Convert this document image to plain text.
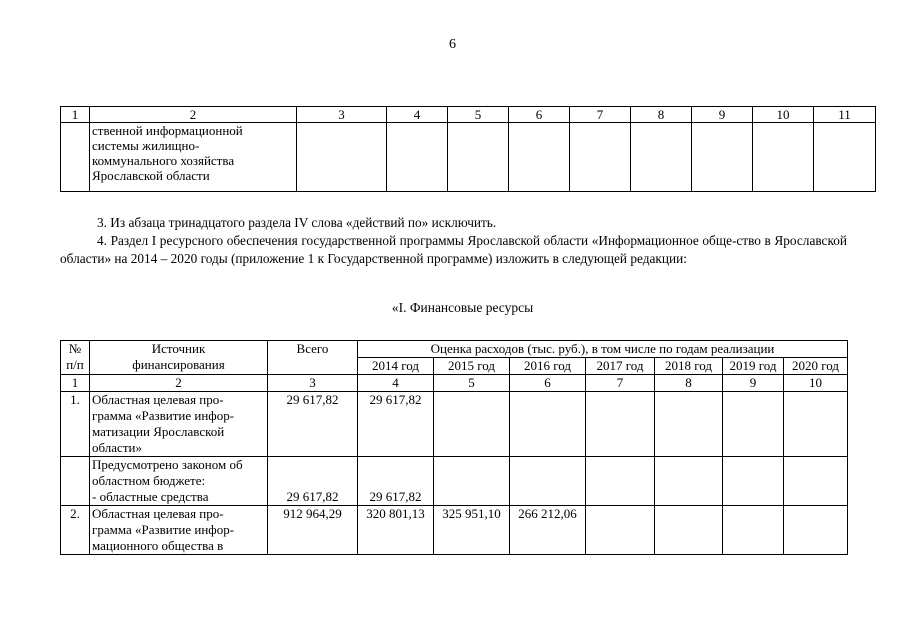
6
1	2	3	4	5	6	7	8	9	10	11
	ственной информационной
системы жилищно-
коммунального хозяйства
Ярославской области									
3. Из абзаца тринадцатого раздела IV слова «действий по» исключить.
4. Раздел I ресурсного обеспечения государственной программы Ярославской области «Информационное обще-ство в Ярославской области» на 2014 – 2020 годы (приложение 1 к Государственной программе) изложить в следующей редакции:
«I. Финансовые ресурсы
№
п/п	Источник
финансирования	Всего	Оценка расходов (тыс. руб.), в том числе по годам реализации						
			2014 год	2015 год	2016 год	2017 год	2018 год	2019 год	2020 год
1	2	3	4	5	6	7	8	9	10
1.	Областная целевая про-
грамма «Развитие инфор-
матизации Ярославской
области»	29 617,82	29 617,82						
	Предусмотрено законом об
областном бюджете:
- областные средства	29 617,82	29 617,82						
2.	Областная целевая про-
грамма «Развитие инфор-
мационного общества в	912 964,29	320 801,13	325 951,10	266 212,06				
